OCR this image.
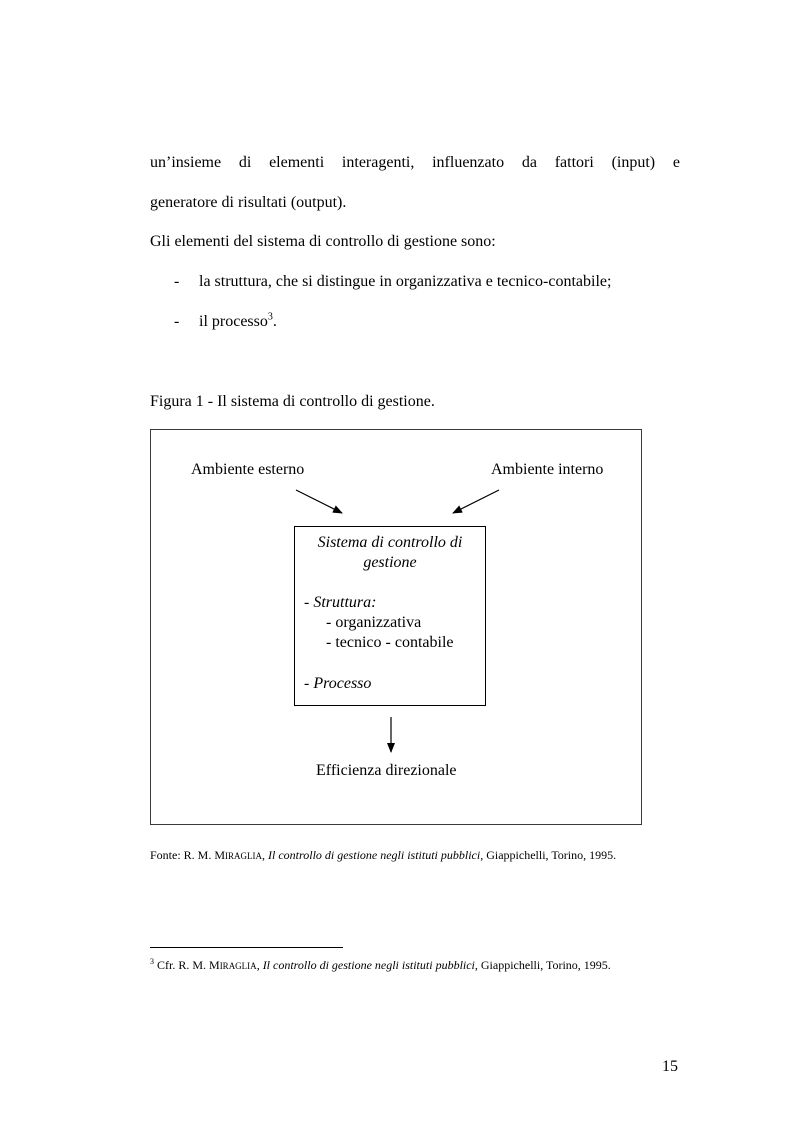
un’insieme di elementi interagenti, influenzato da fattori (input) e
generatore di risultati (output).
Gli elementi del sistema di controllo di gestione sono:
- la struttura, che si distingue in organizzativa e tecnico-contabile;
- il processo$^3$.
Figura 1 - Il sistema di controllo di gestione.
Ambiente esterno	Ambiente interno
Sistema di controllo di
gestione
- Struttura:
- organizzativa
- tecnico - contabile
- Processo
Efficienza direzionale
Fonte: R. M. MIRAGLIA, Il controllo di gestione negli istituti pubblici, Giappichelli, Torino, 1995.
$^3$ Cfr. R. M. MIRAGLIA, Il controllo di gestione negli istituti pubblici, Giappichelli, Torino, 1995.
15
